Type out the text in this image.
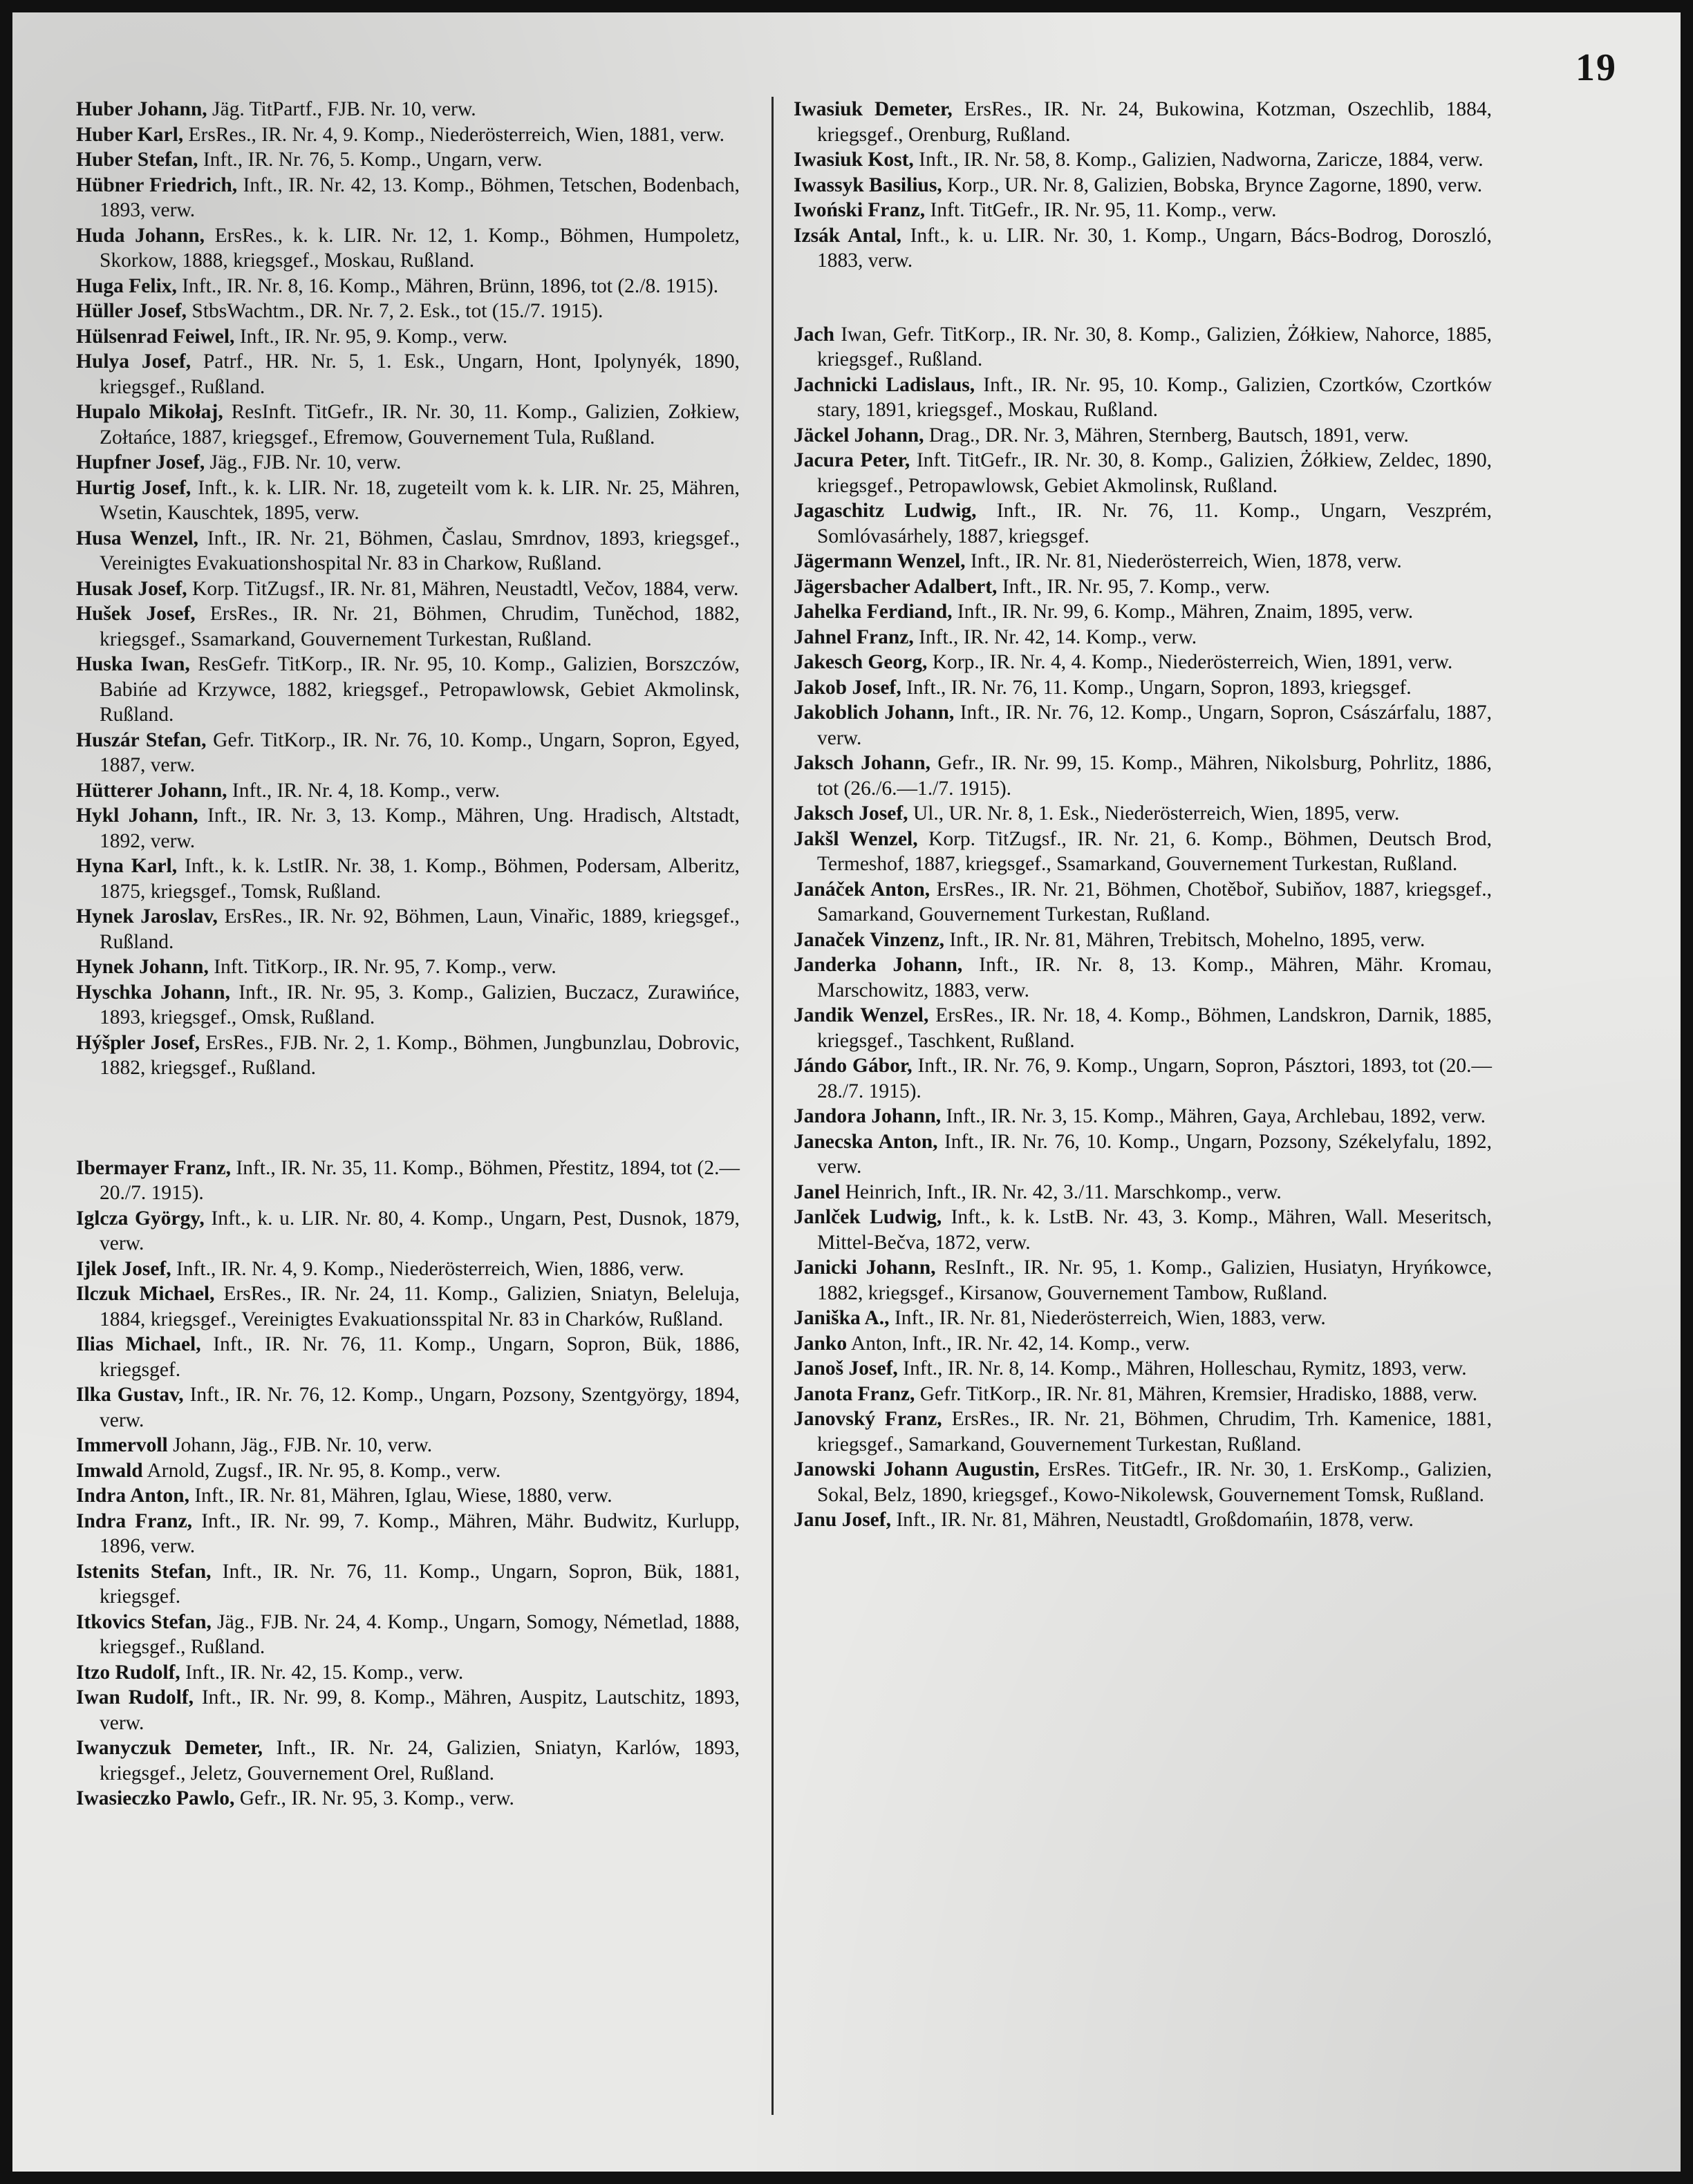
19

Huber Johann, Jäg. TitPartf., FJB. Nr. 10, verw.

Huber Karl, ErsRes., IR. Nr. 4, 9. Komp., Niederösterreich, Wien, 1881, verw.

Huber Stefan, Inft., IR. Nr. 76, 5. Komp., Ungarn, verw.

Hübner Friedrich, Inft., IR. Nr. 42, 13. Komp., Böhmen, Tetschen, Bodenbach, 1893, verw.

Huda Johann, ErsRes., k. k. LIR. Nr. 12, 1. Komp., Böhmen, Humpoletz, Skorkow, 1888, kriegsgef., Moskau, Rußland.

Huga Felix, Inft., IR. Nr. 8, 16. Komp., Mähren, Brünn, 1896, tot (2./8. 1915).

Hüller Josef, StbsWachtm., DR. Nr. 7, 2. Esk., tot (15./7. 1915).

Hülsenrad Feiwel, Inft., IR. Nr. 95, 9. Komp., verw.

Hulya Josef, Patrf., HR. Nr. 5, 1. Esk., Ungarn, Hont, Ipolynyék, 1890, kriegsgef., Rußland.

Hupalo Mikołaj, ResInft. TitGefr., IR. Nr. 30, 11. Komp., Galizien, Zołkiew, Zołtańce, 1887, kriegsgef., Efremow, Gouvernement Tula, Rußland.

Hupfner Josef, Jäg., FJB. Nr. 10, verw.

Hurtig Josef, Inft., k. k. LIR. Nr. 18, zugeteilt vom k. k. LIR. Nr. 25, Mähren, Wsetin, Kauschtek, 1895, verw.

Husa Wenzel, Inft., IR. Nr. 21, Böhmen, Časlau, Smrdnov, 1893, kriegsgef., Vereinigtes Evakuationshospital Nr. 83 in Charkow, Rußland.

Husak Josef, Korp. TitZugsf., IR. Nr. 81, Mähren, Neustadtl, Večov, 1884, verw.

Hušek Josef, ErsRes., IR. Nr. 21, Böhmen, Chrudim, Tuněchod, 1882, kriegsgef., Ssamarkand, Gouvernement Turkestan, Rußland.

Huska Iwan, ResGefr. TitKorp., IR. Nr. 95, 10. Komp., Galizien, Borszczów, Babińe ad Krzywce, 1882, kriegsgef., Petropawlowsk, Gebiet Akmolinsk, Rußland.

Huszár Stefan, Gefr. TitKorp., IR. Nr. 76, 10. Komp., Ungarn, Sopron, Egyed, 1887, verw.

Hütterer Johann, Inft., IR. Nr. 4, 18. Komp., verw.

Hykl Johann, Inft., IR. Nr. 3, 13. Komp., Mähren, Ung. Hradisch, Altstadt, 1892, verw.

Hyna Karl, Inft., k. k. LstIR. Nr. 38, 1. Komp., Böhmen, Podersam, Alberitz, 1875, kriegsgef., Tomsk, Rußland.

Hynek Jaroslav, ErsRes., IR. Nr. 92, Böhmen, Laun, Vinařic, 1889, kriegsgef., Rußland.

Hynek Johann, Inft. TitKorp., IR. Nr. 95, 7. Komp., verw.

Hyschka Johann, Inft., IR. Nr. 95, 3. Komp., Galizien, Buczacz, Zurawińce, 1893, kriegsgef., Omsk, Rußland.

Hýšpler Josef, ErsRes., FJB. Nr. 2, 1. Komp., Böhmen, Jungbunzlau, Dobrovic, 1882, kriegsgef., Rußland.

Ibermayer Franz, Inft., IR. Nr. 35, 11. Komp., Böhmen, Přestitz, 1894, tot (2.—20./7. 1915).

Iglcza György, Inft., k. u. LIR. Nr. 80, 4. Komp., Ungarn, Pest, Dusnok, 1879, verw.

Ijlek Josef, Inft., IR. Nr. 4, 9. Komp., Niederösterreich, Wien, 1886, verw.

Ilczuk Michael, ErsRes., IR. Nr. 24, 11. Komp., Galizien, Sniatyn, Beleluja, 1884, kriegsgef., Vereinigtes Evakuationsspital Nr. 83 in Charków, Rußland.

Ilias Michael, Inft., IR. Nr. 76, 11. Komp., Ungarn, Sopron, Bük, 1886, kriegsgef.

Ilka Gustav, Inft., IR. Nr. 76, 12. Komp., Ungarn, Pozsony, Szentgyörgy, 1894, verw.

Immervoll Johann, Jäg., FJB. Nr. 10, verw.

Imwald Arnold, Zugsf., IR. Nr. 95, 8. Komp., verw.

Indra Anton, Inft., IR. Nr. 81, Mähren, Iglau, Wiese, 1880, verw.

Indra Franz, Inft., IR. Nr. 99, 7. Komp., Mähren, Mähr. Budwitz, Kurlupp, 1896, verw.

Istenits Stefan, Inft., IR. Nr. 76, 11. Komp., Ungarn, Sopron, Bük, 1881, kriegsgef.

Itkovics Stefan, Jäg., FJB. Nr. 24, 4. Komp., Ungarn, Somogy, Németlad, 1888, kriegsgef., Rußland.

Itzo Rudolf, Inft., IR. Nr. 42, 15. Komp., verw.

Iwan Rudolf, Inft., IR. Nr. 99, 8. Komp., Mähren, Auspitz, Lautschitz, 1893, verw.

Iwanyczuk Demeter, Inft., IR. Nr. 24, Galizien, Sniatyn, Karlów, 1893, kriegsgef., Jeletz, Gouvernement Orel, Rußland.

Iwasieczko Pawlo, Gefr., IR. Nr. 95, 3. Komp., verw.

Iwasiuk Demeter, ErsRes., IR. Nr. 24, Bukowina, Kotzman, Oszechlib, 1884, kriegsgef., Orenburg, Rußland.

Iwasiuk Kost, Inft., IR. Nr. 58, 8. Komp., Galizien, Nadworna, Zaricze, 1884, verw.

Iwassyk Basilius, Korp., UR. Nr. 8, Galizien, Bobska, Brynce Zagorne, 1890, verw.

Iwoński Franz, Inft. TitGefr., IR. Nr. 95, 11. Komp., verw.

Izsák Antal, Inft., k. u. LIR. Nr. 30, 1. Komp., Ungarn, Bács-Bodrog, Doroszló, 1883, verw.

Jach Iwan, Gefr. TitKorp., IR. Nr. 30, 8. Komp., Galizien, Żółkiew, Nahorce, 1885, kriegsgef., Rußland.

Jachnicki Ladislaus, Inft., IR. Nr. 95, 10. Komp., Galizien, Czortków, Czortków stary, 1891, kriegsgef., Moskau, Rußland.

Jäckel Johann, Drag., DR. Nr. 3, Mähren, Sternberg, Bautsch, 1891, verw.

Jacura Peter, Inft. TitGefr., IR. Nr. 30, 8. Komp., Galizien, Żółkiew, Zeldec, 1890, kriegsgef., Petropawlowsk, Gebiet Akmolinsk, Rußland.

Jagaschitz Ludwig, Inft., IR. Nr. 76, 11. Komp., Ungarn, Veszprém, Somlóvasárhely, 1887, kriegsgef.

Jägermann Wenzel, Inft., IR. Nr. 81, Niederösterreich, Wien, 1878, verw.

Jägersbacher Adalbert, Inft., IR. Nr. 95, 7. Komp., verw.

Jahelka Ferdiand, Inft., IR. Nr. 99, 6. Komp., Mähren, Znaim, 1895, verw.

Jahnel Franz, Inft., IR. Nr. 42, 14. Komp., verw.

Jakesch Georg, Korp., IR. Nr. 4, 4. Komp., Niederösterreich, Wien, 1891, verw.

Jakob Josef, Inft., IR. Nr. 76, 11. Komp., Ungarn, Sopron, 1893, kriegsgef.

Jakoblich Johann, Inft., IR. Nr. 76, 12. Komp., Ungarn, Sopron, Császárfalu, 1887, verw.

Jaksch Johann, Gefr., IR. Nr. 99, 15. Komp., Mähren, Nikolsburg, Pohrlitz, 1886, tot (26./6.—1./7. 1915).

Jaksch Josef, Ul., UR. Nr. 8, 1. Esk., Niederösterreich, Wien, 1895, verw.

Jakšl Wenzel, Korp. TitZugsf., IR. Nr. 21, 6. Komp., Böhmen, Deutsch Brod, Termeshof, 1887, kriegsgef., Ssamarkand, Gouvernement Turkestan, Rußland.

Janáček Anton, ErsRes., IR. Nr. 21, Böhmen, Chotěboř, Subiňov, 1887, kriegsgef., Samarkand, Gouvernement Turkestan, Rußland.

Janaček Vinzenz, Inft., IR. Nr. 81, Mähren, Trebitsch, Mohelno, 1895, verw.

Janderka Johann, Inft., IR. Nr. 8, 13. Komp., Mähren, Mähr. Kromau, Marschowitz, 1883, verw.

Jandik Wenzel, ErsRes., IR. Nr. 18, 4. Komp., Böhmen, Landskron, Darnik, 1885, kriegsgef., Taschkent, Rußland.

Jándo Gábor, Inft., IR. Nr. 76, 9. Komp., Ungarn, Sopron, Pásztori, 1893, tot (20.—28./7. 1915).

Jandora Johann, Inft., IR. Nr. 3, 15. Komp., Mähren, Gaya, Archlebau, 1892, verw.

Janecska Anton, Inft., IR. Nr. 76, 10. Komp., Ungarn, Pozsony, Székelyfalu, 1892, verw.

Janel Heinrich, Inft., IR. Nr. 42, 3./11. Marschkomp., verw.

Janlček Ludwig, Inft., k. k. LstB. Nr. 43, 3. Komp., Mähren, Wall. Meseritsch, Mittel-Bečva, 1872, verw.

Janicki Johann, ResInft., IR. Nr. 95, 1. Komp., Galizien, Husiatyn, Hryńkowce, 1882, kriegsgef., Kirsanow, Gouvernement Tambow, Rußland.

Janiška A., Inft., IR. Nr. 81, Niederösterreich, Wien, 1883, verw.

Janko Anton, Inft., IR. Nr. 42, 14. Komp., verw.

Janoš Josef, Inft., IR. Nr. 8, 14. Komp., Mähren, Holleschau, Rymitz, 1893, verw.

Janota Franz, Gefr. TitKorp., IR. Nr. 81, Mähren, Kremsier, Hradisko, 1888, verw.

Janovský Franz, ErsRes., IR. Nr. 21, Böhmen, Chrudim, Trh. Kamenice, 1881, kriegsgef., Samarkand, Gouvernement Turkestan, Rußland.

Janowski Johann Augustin, ErsRes. TitGefr., IR. Nr. 30, 1. ErsKomp., Galizien, Sokal, Belz, 1890, kriegsgef., Kowo-Nikolewsk, Gouvernement Tomsk, Rußland.

Janu Josef, Inft., IR. Nr. 81, Mähren, Neustadtl, Großdomańin, 1878, verw.
